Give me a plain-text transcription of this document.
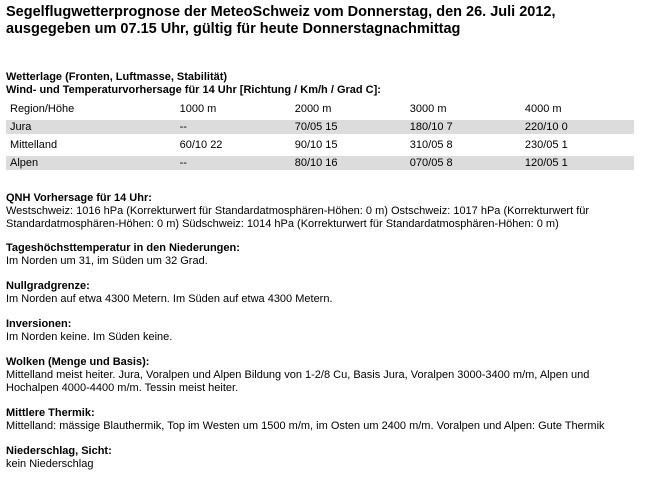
Segelflugwetterprognose der MeteoSchweiz vom Donnerstag, den 26. Juli 2012, ausgegeben um 07.15 Uhr, gültig für heute Donnerstagnachmittag

Wetterlage (Fronten, Luftmasse, Stabilität)

Wind- und Temperaturvorhersage für 14 Uhr [Richtung / Km/h / Grad C]:

Region/Höhe	1000 m	2000 m	3000 m	4000 m
Jura	--	70/05 15	180/10 7	220/10 0
Mittelland	60/10 22	90/10 15	310/05 8	230/05 1
Alpen	--	80/10 16	070/05 8	120/05 1

QNH Vorhersage für 14 Uhr:

Westschweiz: 1016 hPa (Korrekturwert für Standardatmosphären-Höhen: 0 m) Ostschweiz: 1017 hPa (Korrekturwert für Standardatmosphären-Höhen: 0 m) Südschweiz: 1014 hPa (Korrekturwert für Standardatmosphären-Höhen: 0 m)

Tageshöchsttemperatur in den Niederungen:

Im Norden um 31, im Süden um 32 Grad.

Nullgradgrenze:

Im Norden auf etwa 4300 Metern. Im Süden auf etwa 4300 Metern.

Inversionen:

Im Norden keine. Im Süden keine.

Wolken (Menge und Basis):

Mittelland meist heiter. Jura, Voralpen und Alpen Bildung von 1-2/8 Cu, Basis Jura, Voralpen 3000-3400 m/m, Alpen und Hochalpen 4000-4400 m/m. Tessin meist heiter.

Mittlere Thermik:

Mittelland: mässige Blauthermik, Top im Westen um 1500 m/m, im Osten um 2400 m/m. Voralpen und Alpen: Gute Thermik

Niederschlag, Sicht:

kein Niederschlag
